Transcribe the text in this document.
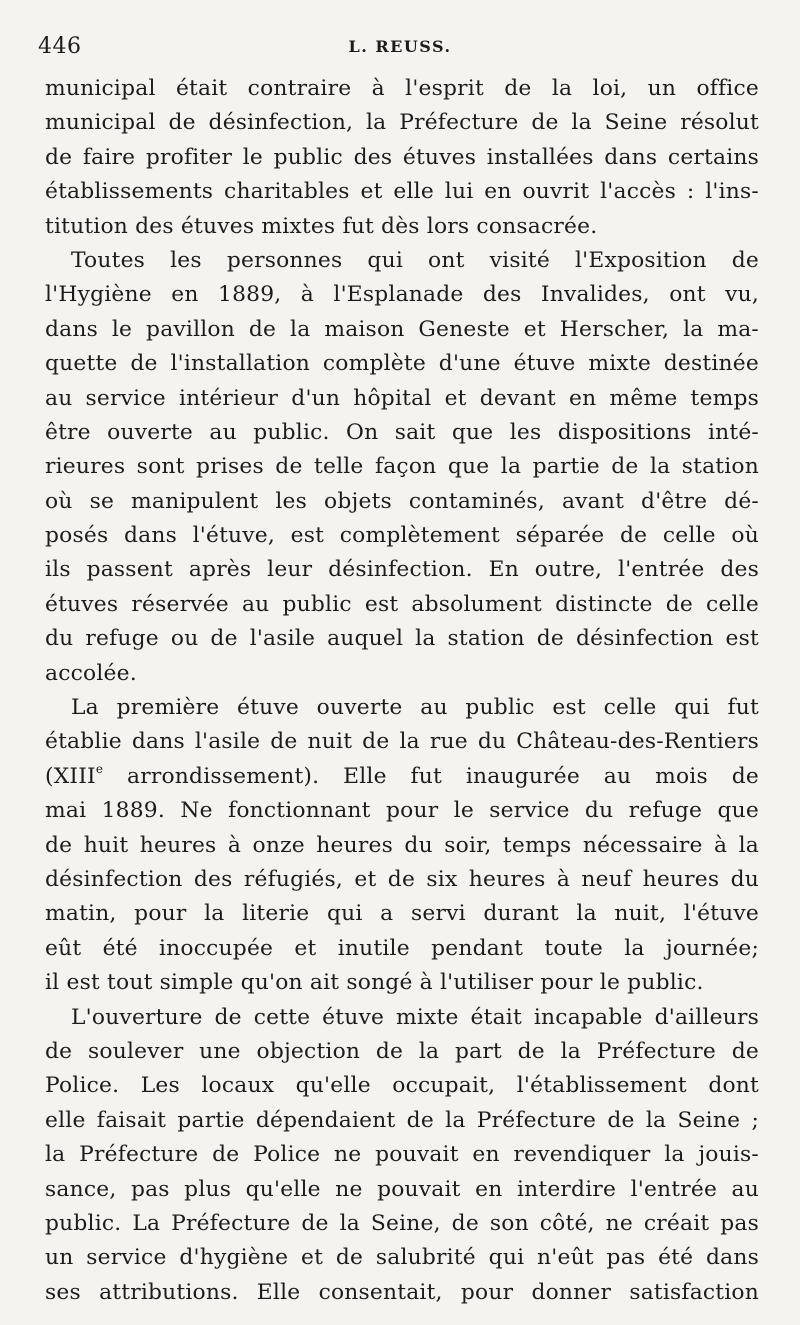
446	L. REUSS.
municipal était contraire à l'esprit de la loi, un office
municipal de désinfection, la Préfecture de la Seine résolut
de faire profiter le public des étuves installées dans certains
établissements charitables et elle lui en ouvrit l'accès : l'ins-
titution des étuves mixtes fut dès lors consacrée.
Toutes les personnes qui ont visité l'Exposition de
l'Hygiène en 1889, à l'Esplanade des Invalides, ont vu,
dans le pavillon de la maison Geneste et Herscher, la ma-
quette de l'installation complète d'une étuve mixte destinée
au service intérieur d'un hôpital et devant en même temps
être ouverte au public. On sait que les dispositions inté-
rieures sont prises de telle façon que la partie de la station
où se manipulent les objets contaminés, avant d'être dé-
posés dans l'étuve, est complètement séparée de celle où
ils passent après leur désinfection. En outre, l'entrée des
étuves réservée au public est absolument distincte de celle
du refuge ou de l'asile auquel la station de désinfection est
accolée.
La première étuve ouverte au public est celle qui fut
établie dans l'asile de nuit de la rue du Château-des-Rentiers
(XIIIe arrondissement). Elle fut inaugurée au mois de
mai 1889. Ne fonctionnant pour le service du refuge que
de huit heures à onze heures du soir, temps nécessaire à la
désinfection des réfugiés, et de six heures à neuf heures du
matin, pour la literie qui a servi durant la nuit, l'étuve
eût été inoccupée et inutile pendant toute la journée;
il est tout simple qu'on ait songé à l'utiliser pour le public.
L'ouverture de cette étuve mixte était incapable d'ailleurs
de soulever une objection de la part de la Préfecture de
Police. Les locaux qu'elle occupait, l'établissement dont
elle faisait partie dépendaient de la Préfecture de la Seine ;
la Préfecture de Police ne pouvait en revendiquer la jouis-
sance, pas plus qu'elle ne pouvait en interdire l'entrée au
public. La Préfecture de la Seine, de son côté, ne créait pas
un service d'hygiène et de salubrité qui n'eût pas été dans
ses attributions. Elle consentait, pour donner satisfaction
